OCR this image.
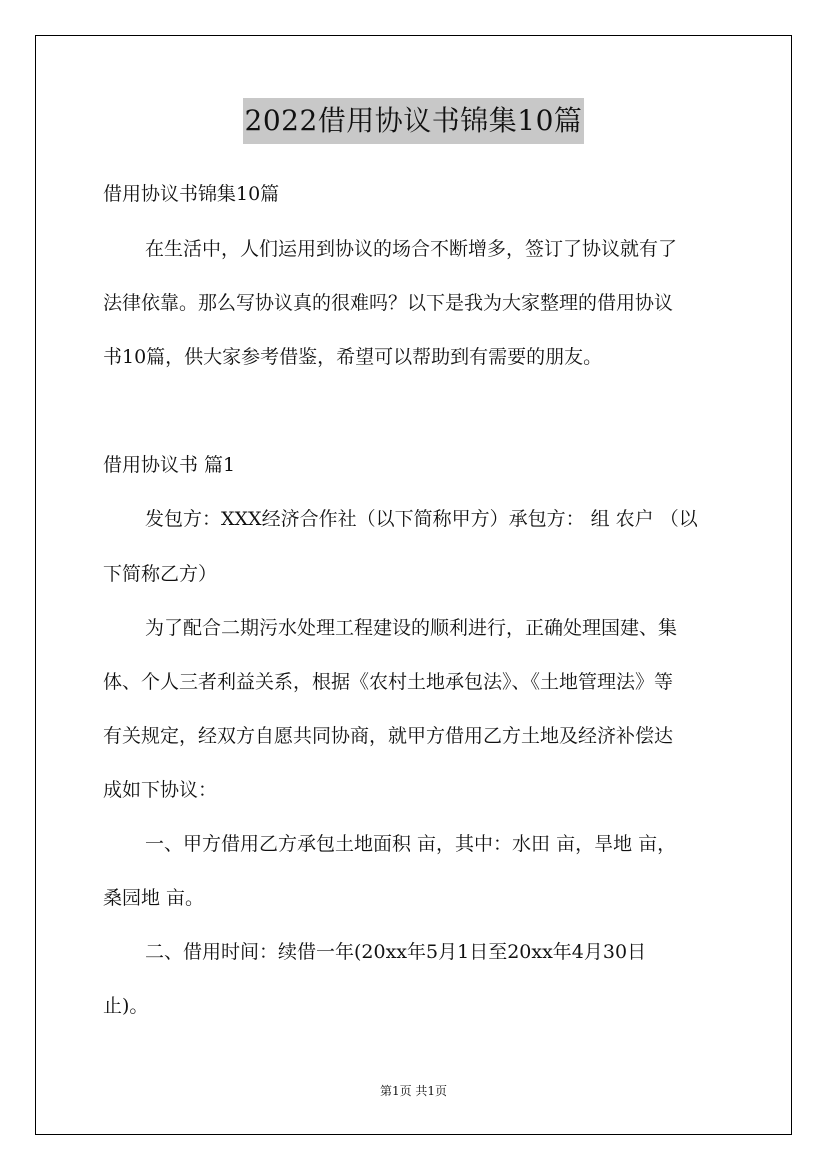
2022借用协议书锦集10篇
借用协议书锦集10篇
在生活中，人们运用到协议的场合不断增多，签订了协议就有了
法律依靠。那么写协议真的很难吗？以下是我为大家整理的借用协议
书10篇，供大家参考借鉴，希望可以帮助到有需要的朋友。
借用协议书 篇1
发包方：XXX经济合作社（以下简称甲方）承包方： 组 农户 （以
下简称乙方）
为了配合二期污水处理工程建设的顺利进行，正确处理国建、集
体、个人三者利益关系，根据《农村土地承包法》、《土地管理法》等
有关规定，经双方自愿共同协商，就甲方借用乙方土地及经济补偿达
成如下协议：
一、甲方借用乙方承包土地面积 亩，其中：水田 亩，旱地 亩，
桑园地 亩。
二、借用时间：续借一年(20xx年5月1日至20xx年4月30日
止)。
第1页 共1页
